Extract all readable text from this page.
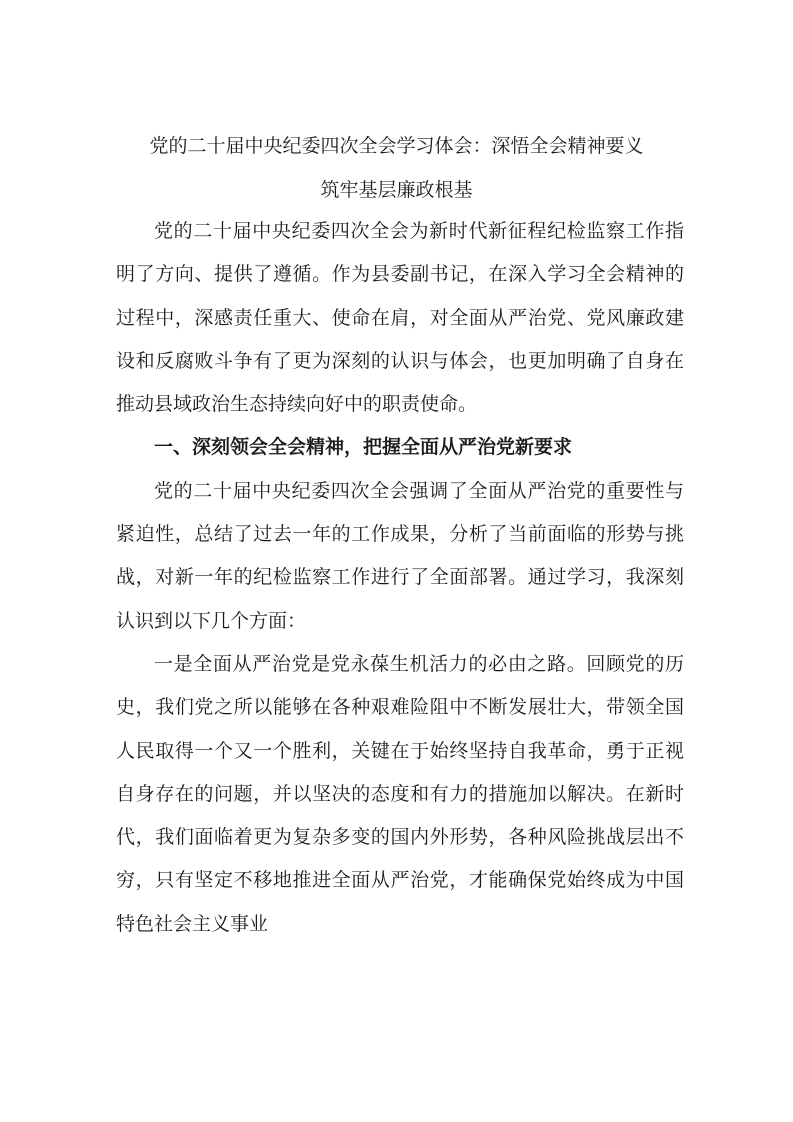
党的二十届中央纪委四次全会学习体会：深悟全会精神要义
筑牢基层廉政根基

党的二十届中央纪委四次全会为新时代新征程纪检监察工作指明了方向、提供了遵循。作为县委副书记，在深入学习全会精神的过程中，深感责任重大、使命在肩，对全面从严治党、党风廉政建设和反腐败斗争有了更为深刻的认识与体会，也更加明确了自身在推动县域政治生态持续向好中的职责使命。

一、深刻领会全会精神，把握全面从严治党新要求

党的二十届中央纪委四次全会强调了全面从严治党的重要性与紧迫性，总结了过去一年的工作成果，分析了当前面临的形势与挑战，对新一年的纪检监察工作进行了全面部署。通过学习，我深刻认识到以下几个方面：

一是全面从严治党是党永葆生机活力的必由之路。回顾党的历史，我们党之所以能够在各种艰难险阻中不断发展壮大，带领全国人民取得一个又一个胜利，关键在于始终坚持自我革命，勇于正视自身存在的问题，并以坚决的态度和有力的措施加以解决。在新时代，我们面临着更为复杂多变的国内外形势，各种风险挑战层出不穷，只有坚定不移地推进全面从严治党，才能确保党始终成为中国特色社会主义事业
